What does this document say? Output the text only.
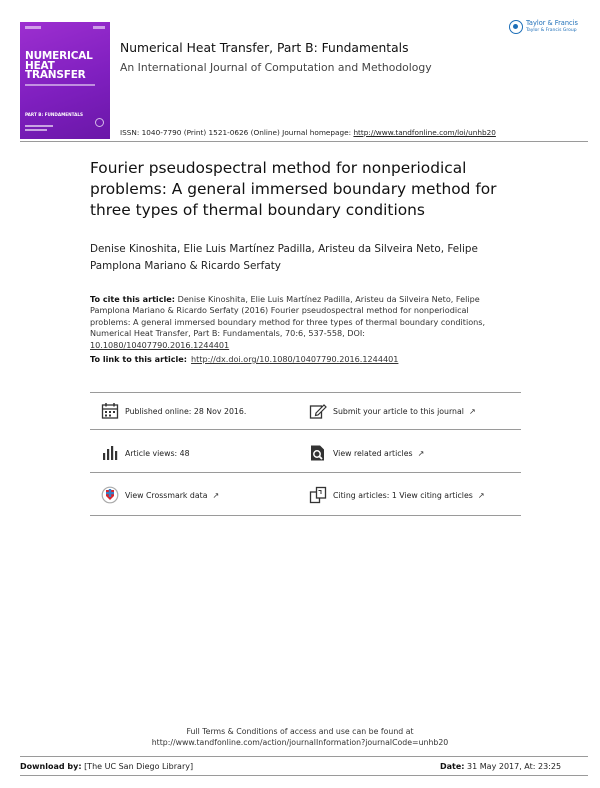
NUMERICAL HEAT TRANSFER
PART B: FUNDAMENTALS
Numerical Heat Transfer, Part B: Fundamentals
An International Journal of Computation and Methodology
Taylor & Francis
Taylor & Francis Group
ISSN: 1040-7790 (Print) 1521-0626 (Online) Journal homepage: http://www.tandfonline.com/loi/unhb20
Fourier pseudospectral method for nonperiodical problems: A general immersed boundary method for three types of thermal boundary conditions
Denise Kinoshita, Elie Luis Martínez Padilla, Aristeu da Silveira Neto, Felipe Pamplona Mariano & Ricardo Serfaty
To cite this article: Denise Kinoshita, Elie Luis Martínez Padilla, Aristeu da Silveira Neto, Felipe Pamplona Mariano & Ricardo Serfaty (2016) Fourier pseudospectral method for nonperiodical problems: A general immersed boundary method for three types of thermal boundary conditions, Numerical Heat Transfer, Part B: Fundamentals, 70:6, 537-558, DOI: 10.1080/10407790.2016.1244401
To link to this article: http://dx.doi.org/10.1080/10407790.2016.1244401
Published online: 28 Nov 2016.	Submit your article to this journal ↗
Article views: 48	View related articles ↗
View Crossmark data ↗	Citing articles: 1 View citing articles ↗
Full Terms & Conditions of access and use can be found at
http://www.tandfonline.com/action/journalInformation?journalCode=unhb20
Download by: [The UC San Diego Library]	Date: 31 May 2017, At: 23:25
